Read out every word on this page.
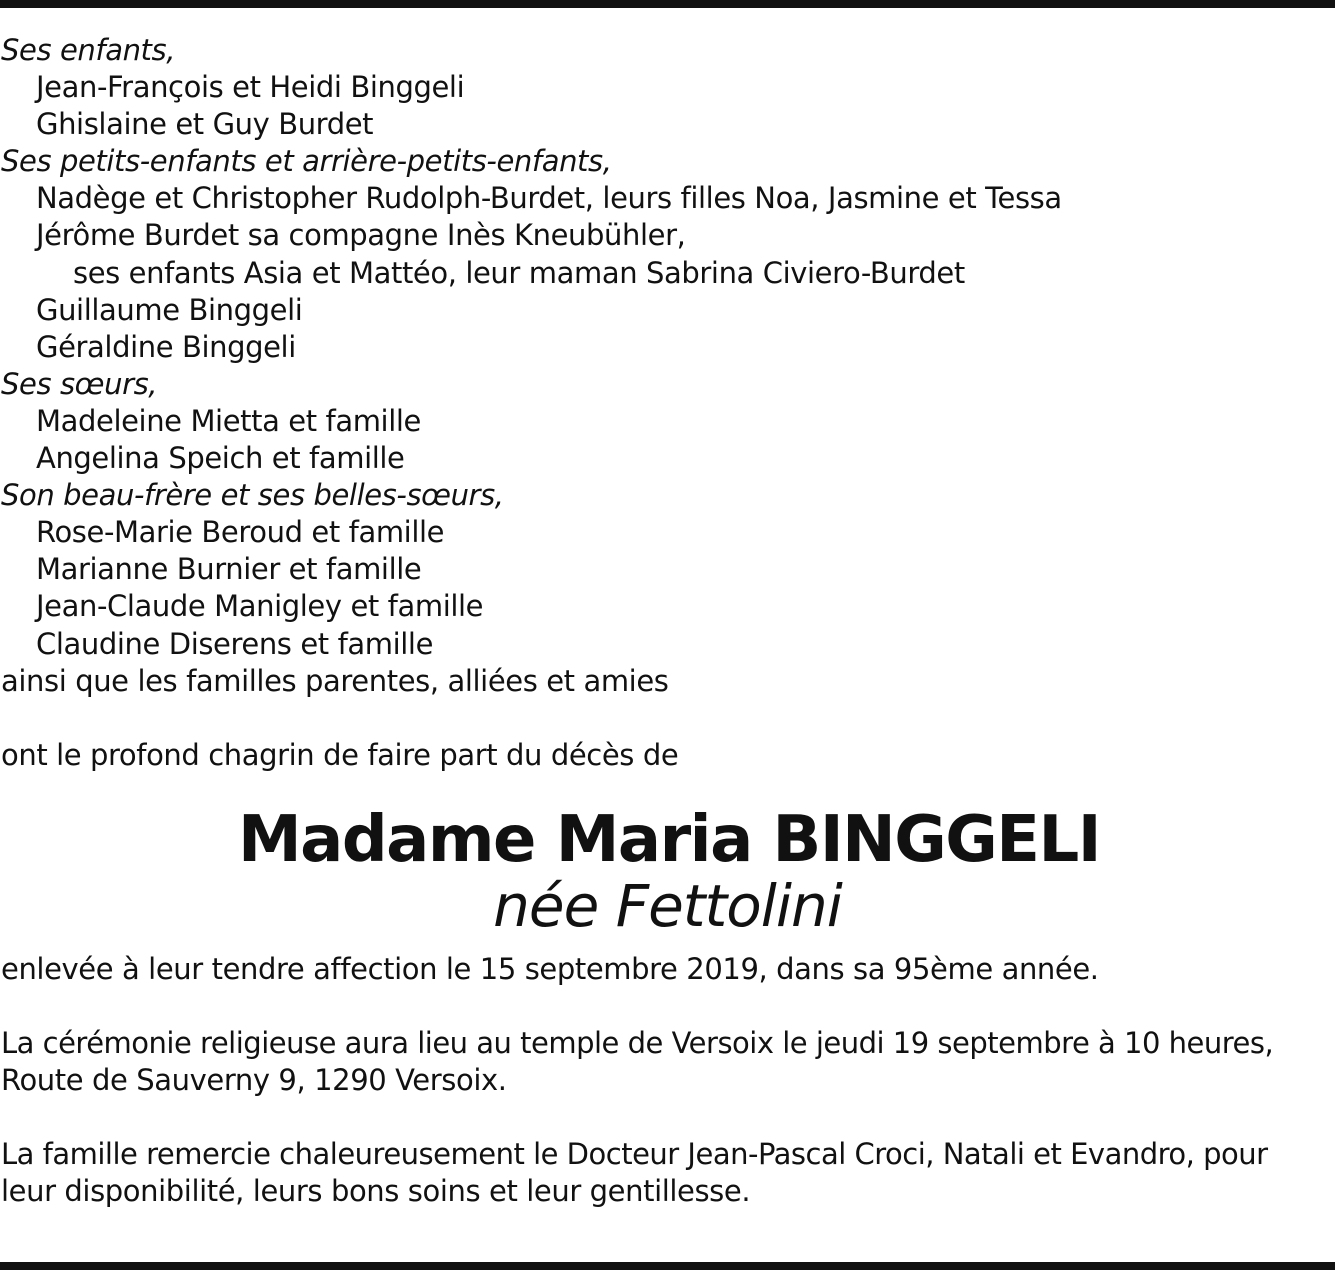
Ses enfants,
Jean-François et Heidi Binggeli
Ghislaine et Guy Burdet
Ses petits-enfants et arrière-petits-enfants,
Nadège et Christopher Rudolph-Burdet, leurs filles Noa, Jasmine et Tessa
Jérôme Burdet sa compagne Inès Kneubühler,
ses enfants Asia et Mattéo, leur maman Sabrina Civiero-Burdet
Guillaume Binggeli
Géraldine Binggeli
Ses sœurs,
Madeleine Mietta et famille
Angelina Speich et famille
Son beau-frère et ses belles-sœurs,
Rose-Marie Beroud et famille
Marianne Burnier et famille
Jean-Claude Manigley et famille
Claudine Diserens et famille
ainsi que les familles parentes, alliées et amies
ont le profond chagrin de faire part du décès de
Madame Maria BINGGELI
née Fettolini
enlevée à leur tendre affection le 15 septembre 2019, dans sa 95ème année.
La cérémonie religieuse aura lieu au temple de Versoix le jeudi 19 septembre à 10 heures,
Route de Sauverny 9, 1290 Versoix.
La famille remercie chaleureusement le Docteur Jean-Pascal Croci, Natali et Evandro, pour
leur disponibilité, leurs bons soins et leur gentillesse.
